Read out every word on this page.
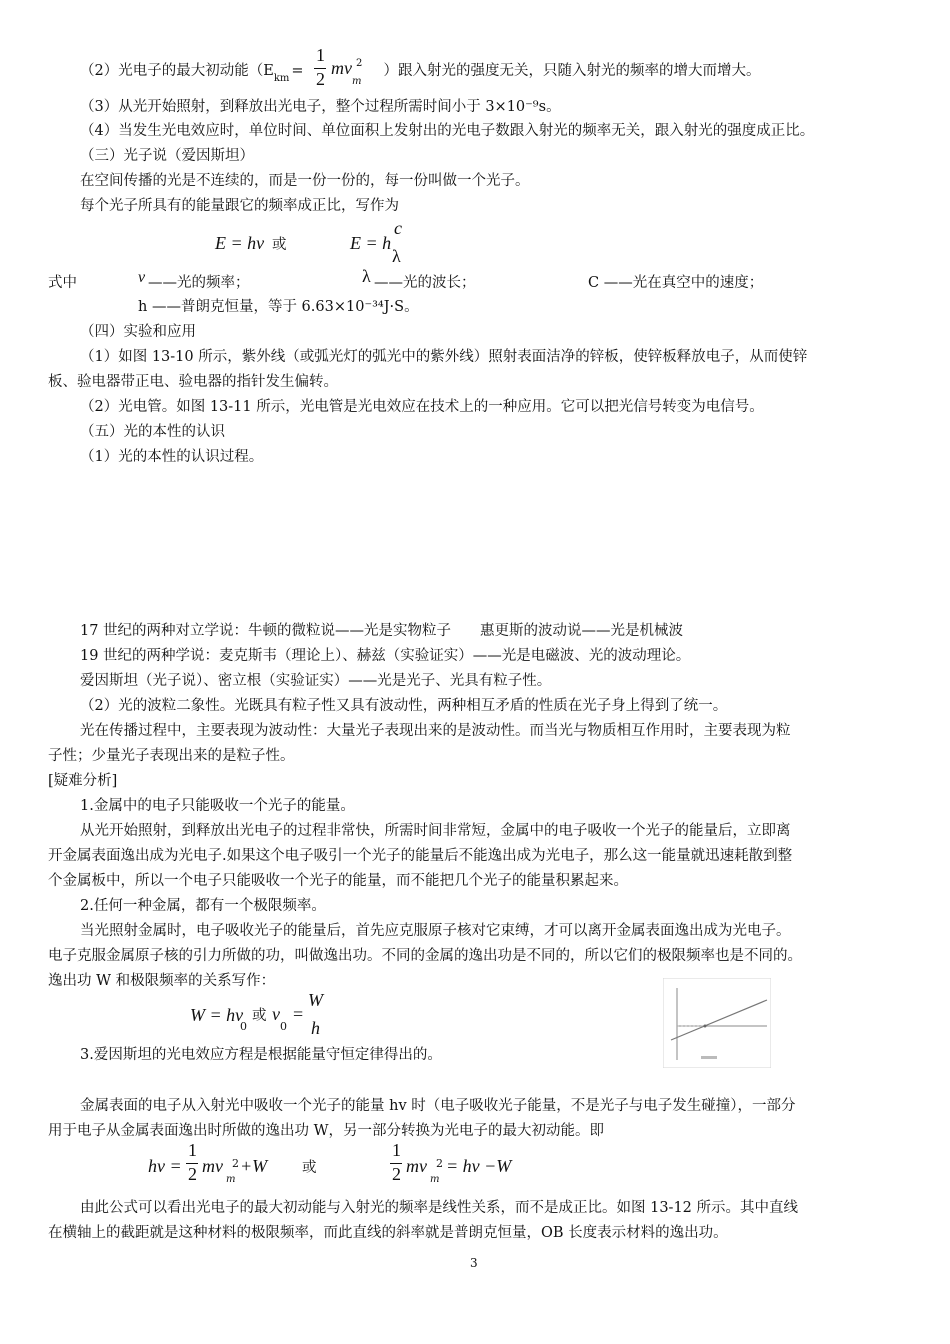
（2）光电子的最大初动能（$E_{km}$ =	）跟入射光的强度无关，只随入射光的频率的增大而增大。
1
2
mv 2
m
（3）从光开始照射，到释放出光电子，整个过程所需时间小于 3×10⁻⁹s。
（4）当发生光电效应时，单位时间、单位面积上发射出的光电子数跟入射光的频率无关，跟入射光的强度成正比。
（三）光子说（爱因斯坦）
在空间传播的光是不连续的，而是一份一份的，每一份叫做一个光子。
每个光子所具有的能量跟它的频率成正比，写作为
E = hv 或	E = h
c
λ
式中	v ——光的频率；	λ ——光的波长；	C ——光在真空中的速度；
h ——普朗克恒量，等于 6.63×10⁻³⁴J·S。
（四）实验和应用
（1）如图 13-10 所示，紫外线（或弧光灯的弧光中的紫外线）照射表面洁净的锌板，使锌板释放电子，从而使锌
板、验电器带正电、验电器的指针发生偏转。
（2）光电管。如图 13-11 所示，光电管是光电效应在技术上的一种应用。它可以把光信号转变为电信号。
（五）光的本性的认识
（1）光的本性的认识过程。
17 世纪的两种对立学说：牛顿的微粒说——光是实物粒子　　惠更斯的波动说——光是机械波
19 世纪的两种学说：麦克斯韦（理论上）、赫兹（实验证实）——光是电磁波、光的波动理论。
爱因斯坦（光子说）、密立根（实验证实）——光是光子、光具有粒子性。
（2）光的波粒二象性。光既具有粒子性又具有波动性，两种相互矛盾的性质在光子身上得到了统一。
光在传播过程中，主要表现为波动性：大量光子表现出来的是波动性。而当光与物质相互作用时，主要表现为粒
子性；少量光子表现出来的是粒子性。
[疑难分析]
1.金属中的电子只能吸收一个光子的能量。
从光开始照射，到释放出光电子的过程非常快，所需时间非常短，金属中的电子吸收一个光子的能量后，立即离
开金属表面逸出成为光电子.如果这个电子吸引一个光子的能量后不能逸出成为光电子，那么这一能量就迅速耗散到整
个金属板中，所以一个电子只能吸收一个光子的能量，而不能把几个光子的能量积累起来。
2.任何一种金属，都有一个极限频率。
当光照射金属时，电子吸收光子的能量后，首先应克服原子核对它束缚，才可以离开金属表面逸出成为光电子。
电子克服金属原子核的引力所做的功，叫做逸出功。不同的金属的逸出功是不同的，所以它们的极限频率也是不同的。
逸出功 W 和极限频率的关系写作：
W = hv
0
或 v
0
=
W
h
3.爱因斯坦的光电效应方程是根据能量守恒定律得出的。
金属表面的电子从入射光中吸收一个光子的能量 hv 时（电子吸收光子能量，不是光子与电子发生碰撞），一部分
用于电子从金属表面逸出时所做的逸出功 W，另一部分转换为光电子的最大初动能。即
hv =
1
2 mv 2
m
+W 或
1
2 mv 2
m
= hv −W
由此公式可以看出光电子的最大初动能与入射光的频率是线性关系，而不是成正比。如图 13-12 所示。其中直线
在横轴上的截距就是这种材料的极限频率，而此直线的斜率就是普朗克恒量，OB 长度表示材料的逸出功。
3
